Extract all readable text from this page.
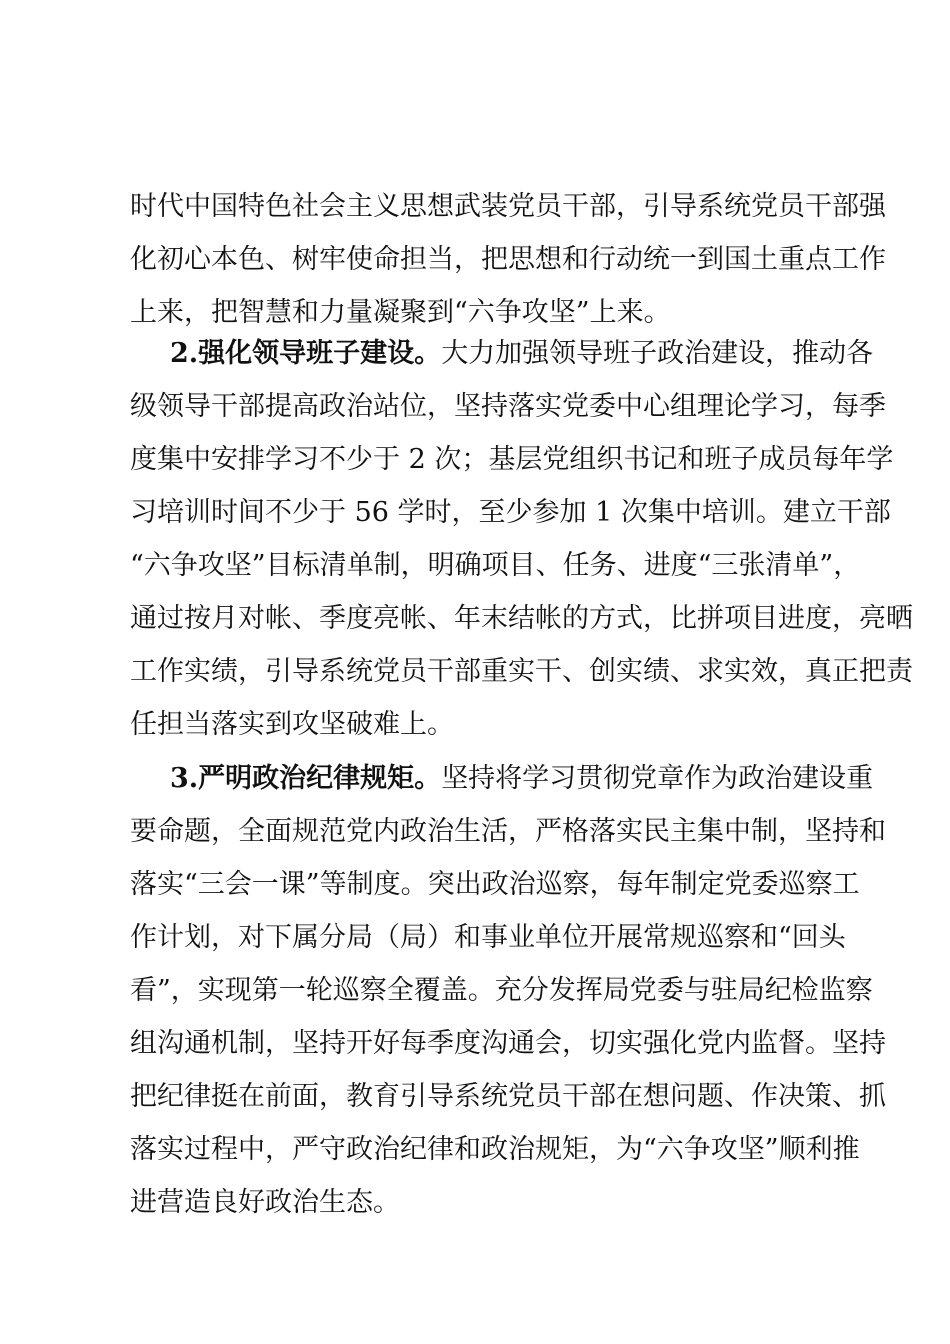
时代中国特色社会主义思想武装党员干部，引导系统党员干部强
化初心本色、树牢使命担当，把思想和行动统一到国土重点工作
上来，把智慧和力量凝聚到“六争攻坚”上来。
2.强化领导班子建设。大力加强领导班子政治建设，推动各
级领导干部提高政治站位，坚持落实党委中心组理论学习，每季
度集中安排学习不少于 2 次；基层党组织书记和班子成员每年学
习培训时间不少于 56 学时，至少参加 1 次集中培训。建立干部
“六争攻坚”目标清单制，明确项目、任务、进度“三张清单”，
通过按月对帐、季度亮帐、年末结帐的方式，比拼项目进度，亮晒
工作实绩，引导系统党员干部重实干、创实绩、求实效，真正把责
任担当落实到攻坚破难上。
3.严明政治纪律规矩。坚持将学习贯彻党章作为政治建设重
要命题，全面规范党内政治生活，严格落实民主集中制，坚持和
落实“三会一课”等制度。突出政治巡察，每年制定党委巡察工
作计划，对下属分局（局）和事业单位开展常规巡察和“回头
看”，实现第一轮巡察全覆盖。充分发挥局党委与驻局纪检监察
组沟通机制，坚持开好每季度沟通会，切实强化党内监督。坚持
把纪律挺在前面，教育引导系统党员干部在想问题、作决策、抓
落实过程中，严守政治纪律和政治规矩，为“六争攻坚”顺利推
进营造良好政治生态。
